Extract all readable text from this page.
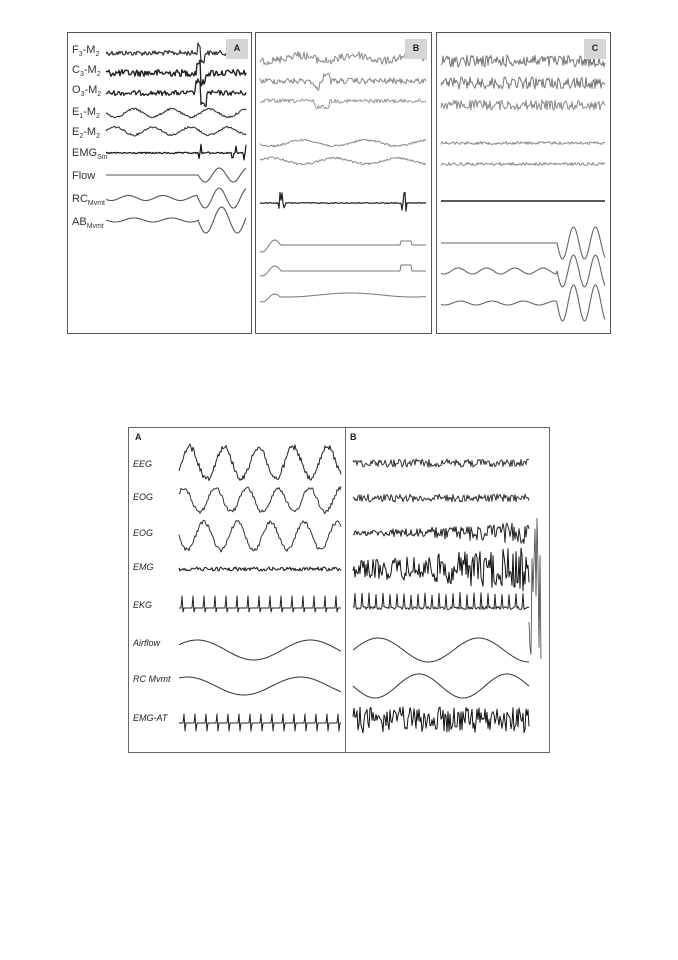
A
$F_3-M_2$
$C_3-M_2$
$O_3-M_2$
$E_1-M_2$
$E_2-M_2$
$EMG_{Sm}$
Flow
$RC_{Mvmt}$
$AB_{Mvmt}$
B	C
A	B
EEG
EOG
EOG
EMG
EKG
Airflow
RC Mvmt
EMG-AT
